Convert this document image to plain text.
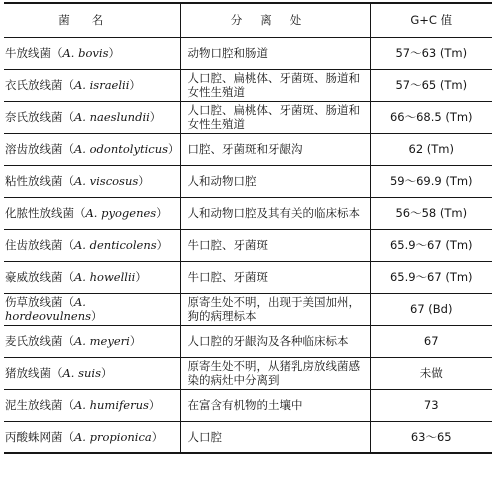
菌名	分离处	G+C 值
牛放线菌（A. bovis）	动物口腔和肠道	57～63 (Tm)
衣氏放线菌（A. israelii）	人口腔、扁桃体、牙菌斑、肠道和女性生殖道	57～65 (Tm)
奈氏放线菌（A. naeslundii）	人口腔、扁桃体、牙菌斑、肠道和女性生殖道	66～68.5 (Tm)
溶齿放线菌（A. odontolyticus）	口腔、牙菌斑和牙龈沟	62 (Tm)
粘性放线菌（A. viscosus）	人和动物口腔	59～69.9 (Tm)
化脓性放线菌（A. pyogenes）	人和动物口腔及其有关的临床标本	56～58 (Tm)
住齿放线菌（A. denticolens）	牛口腔、牙菌斑	65.9～67 (Tm)
豪威放线菌（A. howellii）	牛口腔、牙菌斑	65.9～67 (Tm)
伤草放线菌（A. hordeovulnens）	原寄生处不明，出现于美国加州，狗的病理标本	67 (Bd)
麦氏放线菌（A. meyeri）	人口腔的牙龈沟及各种临床标本	67
猪放线菌（A. suis）	原寄生处不明，从猪乳房放线菌感染的病灶中分离到	未做
泥生放线菌（A. humiferus）	在富含有机物的土壤中	73
丙酸蛛网菌（A. propionica）	人口腔	63～65
